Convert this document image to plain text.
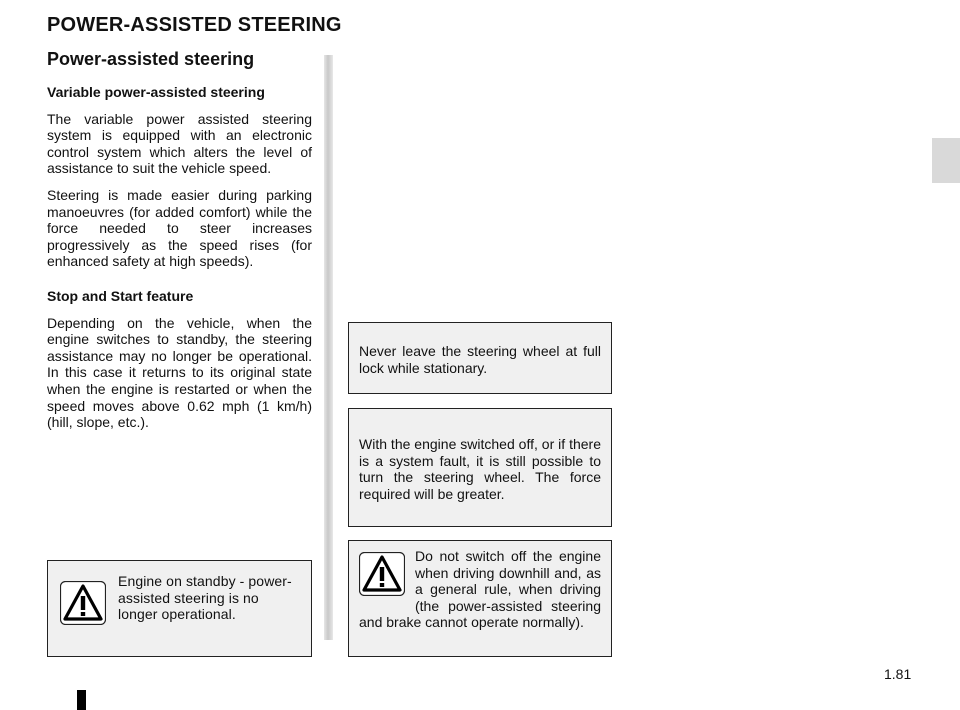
POWER-ASSISTED STEERING
Power-assisted steering
Variable power-assisted steering

The variable power assisted steering system is equipped with an electronic control system which alters the level of assistance to suit the vehicle speed.

Steering is made easier during parking manoeuvres (for added comfort) while the force needed to steer increases progressively as the speed rises (for enhanced safety at high speeds).

Stop and Start feature

Depending on the vehicle, when the engine switches to standby, the steering assistance may no longer be operational. In this case it returns to its original state when the engine is restarted or when the speed moves above 0.62 mph (1 km/h) (hill, slope, etc.).

Engine on standby - power-assisted steering is no longer operational.

Never leave the steering wheel at full lock while stationary.

With the engine switched off, or if there is a system fault, it is still possible to turn the steering wheel. The force required will be greater.

Do not switch off the engine when driving downhill and, as a general rule, when driving (the power-assisted steering and brake cannot operate normally).

1.81
